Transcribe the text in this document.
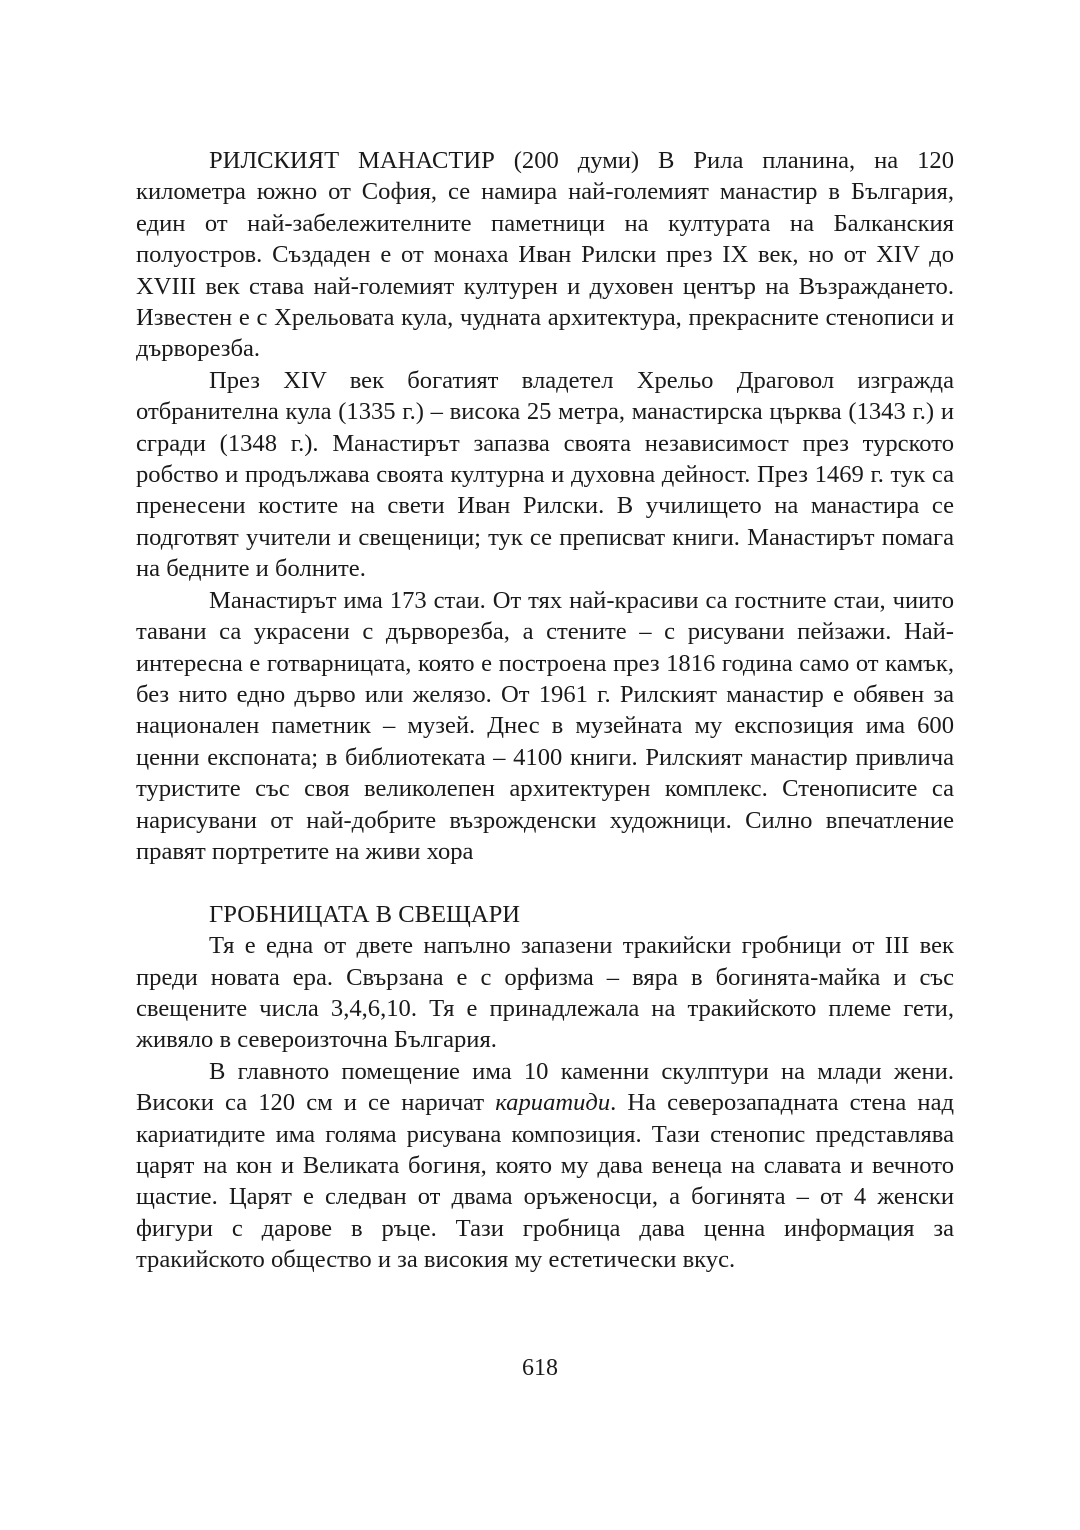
РИЛСКИЯТ МАНАСТИР (200 думи) В Рила планина, на 120 километра южно от София, се намира най-големият манастир в България, един от най-забележителните паметници на културата на Балканския полуостров. Създаден е от монаха Иван Рилски през IX век, но от XIV до XVIII век става най-големият културен и духовен център на Възраждането. Известен е с Хрельовата кула, чудната архитектура, прекрасните стенописи и дърворезба.

През XIV век богатият владетел Хрельо Драговол изгражда отбранителна кула (1335 г.) – висока 25 метра, манастирска църква (1343 г.) и сгради (1348 г.). Манастирът запазва своята независимост през турското робство и продължава своята културна и духовна дейност. През 1469 г. тук са пренесени костите на свети Иван Рилски. В училището на манастира се подготвят учители и свещеници; тук се преписват книги. Манастирът помага на бедните и болните.

Манастирът има 173 стаи. От тях най-красиви са гостните стаи, чиито тавани са украсени с дърворезба, а стените – с рисувани пейзажи. Най-интересна е готварницата, която е построена през 1816 година само от камък, без нито едно дърво или желязо. От 1961 г. Рилският манастир е обявен за национален паметник – музей. Днес в музейната му експозиция има 600 ценни експоната; в библиотеката – 4100 книги. Рилският манастир привлича туристите със своя великолепен архитектурен комплекс. Стенописите са нарисувани от най-добрите възрожденски художници. Силно впечатление правят портретите на живи хора

ГРОБНИЦАТА В СВЕЩАРИ

Тя е една от двете напълно запазени тракийски гробници от III век преди новата ера. Свързана е с орфизма – вяра в богинята-майка и със свещените числа 3,4,6,10. Тя е принадлежала на тракийското племе гети, живяло в североизточна България.

В главното помещение има 10 каменни скулптури на млади жени. Високи са 120 см и се наричат кариатиди. На северозападната стена над кариатидите има голяма рисувана композиция. Тази стенопис представлява царят на кон и Великата богиня, която му дава венеца на славата и вечното щастие. Царят е следван от двама оръженосци, а богинята – от 4 женски фигури с дарове в ръце. Тази гробница дава ценна информация за тракийското общество и за високия му естетически вкус.

618
